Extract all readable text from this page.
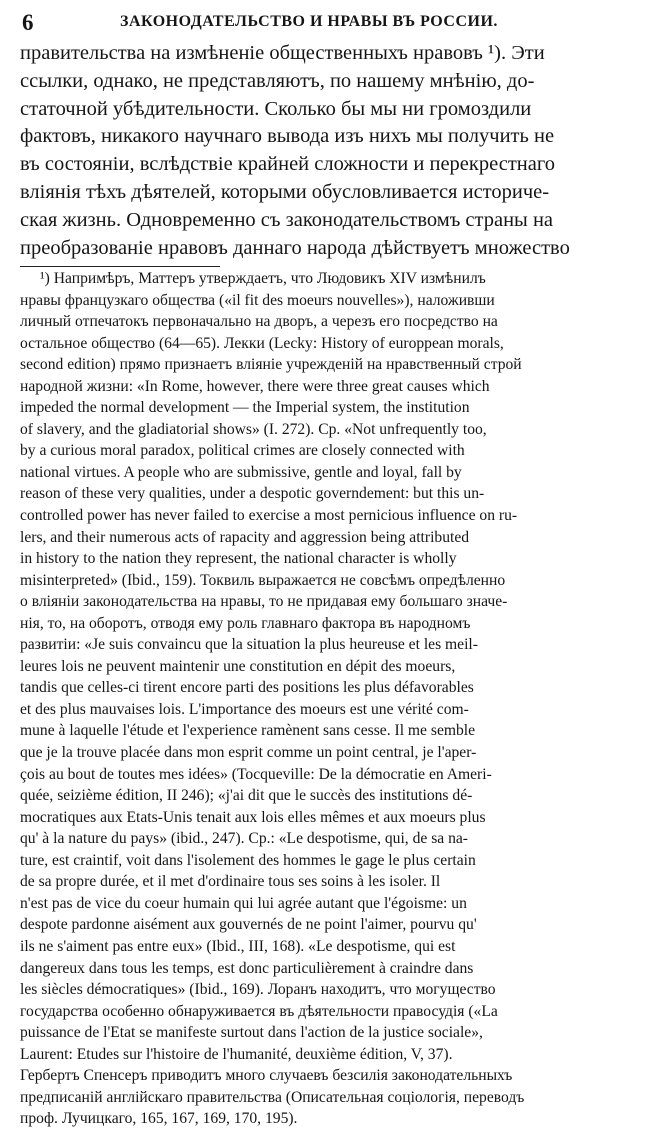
6	ЗАКОНОДАТЕЛЬСТВО И НРАВЫ ВЪ РОССИИ.
правительства на измѣненіе общественныхъ нравовъ ¹). Эти
ссылки, однако, не представляютъ, по нашему мнѣнію, до-
статочной убѣдительности. Сколько бы мы ни громоздили
фактовъ, никакого научнаго вывода изъ нихъ мы получить не
въ состояніи, вслѣдствіе крайней сложности и перекрестнаго
вліянія тѣхъ дѣятелей, которыми обусловливается историче-
ская жизнь. Одновременно съ законодательствомъ страны на
преобразованіе нравовъ даннаго народа дѣйствуетъ множество
¹) Напримѣръ, Маттеръ утверждаетъ, что Людовикъ XIV измѣнилъ
нравы французкаго общества («il fit des moeurs nouvelles»), наложивши
личный отпечатокъ первоначально на дворъ, а черезъ его посредство на
остальное общество (64—65). Лекки (Lecky: History of europpean morals,
second edition) прямо признаетъ вліяніе учрежденій на нравственный строй
народной жизни: «In Rome, however, there were three great causes which
impeded the normal development — the Imperial system, the institution
of slavery, and the gladiatorial shows» (I. 272). Ср. «Not unfrequently too,
by a curious moral paradox, political crimes are closely connected with
national virtues. A people who are submissive, gentle and loyal, fall by
reason of these very qualities, under a despotic governdement: but this un-
controlled power has never failed to exercise a most pernicious influence on ru-
lers, and their numerous acts of rapacity and aggression being attributed
in history to the nation they represent, the national character is wholly
misinterpreted» (Ibid., 159). Токвиль выражается не совсѣмъ опредѣленно
о вліяніи законодательства на нравы, то не придавая ему большаго значе-
нія, то, на оборотъ, отводя ему роль главнаго фактора въ народномъ
развитіи: «Je suis convaincu que la situation la plus heureuse et les meil-
leures lois ne peuvent maintenir une constitution en dépit des moeurs,
tandis que celles-ci tirent encore parti des positions les plus défavorables
et des plus mauvaises lois. L'importance des moeurs est une vérité com-
mune à laquelle l'étude et l'experience ramènent sans cesse. Il me semble
que je la trouve placée dans mon esprit comme un point central, je l'aper-
çois au bout de toutes mes idées» (Tocqueville: De la démocratie en Ameri-
quée, seizième édition, II 246); «j'ai dit que le succès des institutions dé-
mocratiques aux Etats-Unis tenait aux lois elles mêmes et aux moeurs plus
qu' à la nature du pays» (ibid., 247). Ср.: «Le despotisme, qui, de sa na-
ture, est craintif, voit dans l'isolement des hommes le gage le plus certain
de sa propre durée, et il met d'ordinaire tous ses soins à les isoler. Il
n'est pas de vice du coeur humain qui lui agrée autant que l'égoisme: un
despote pardonne aisément aux gouvernés de ne point l'aimer, pourvu qu'
ils ne s'aiment pas entre eux» (Ibid., III, 168). «Le despotisme, qui est
dangereux dans tous les temps, est donc particulièrement à craindre dans
les siècles démocratiques» (Ibid., 169). Лоранъ находитъ, что могущество
государства особенно обнаруживается въ дѣятельности правосудія («La
puissance de l'Etat se manifeste surtout dans l'action de la justice sociale»,
Laurent: Etudes sur l'histoire de l'humanité, deuxième édition, V, 37).
Гербертъ Спенсеръ приводитъ много случаевъ безсилія законодательныхъ
предписаній англійскаго правительства (Описательная соціологія, переводъ
проф. Лучицкаго, 165, 167, 169, 170, 195).
